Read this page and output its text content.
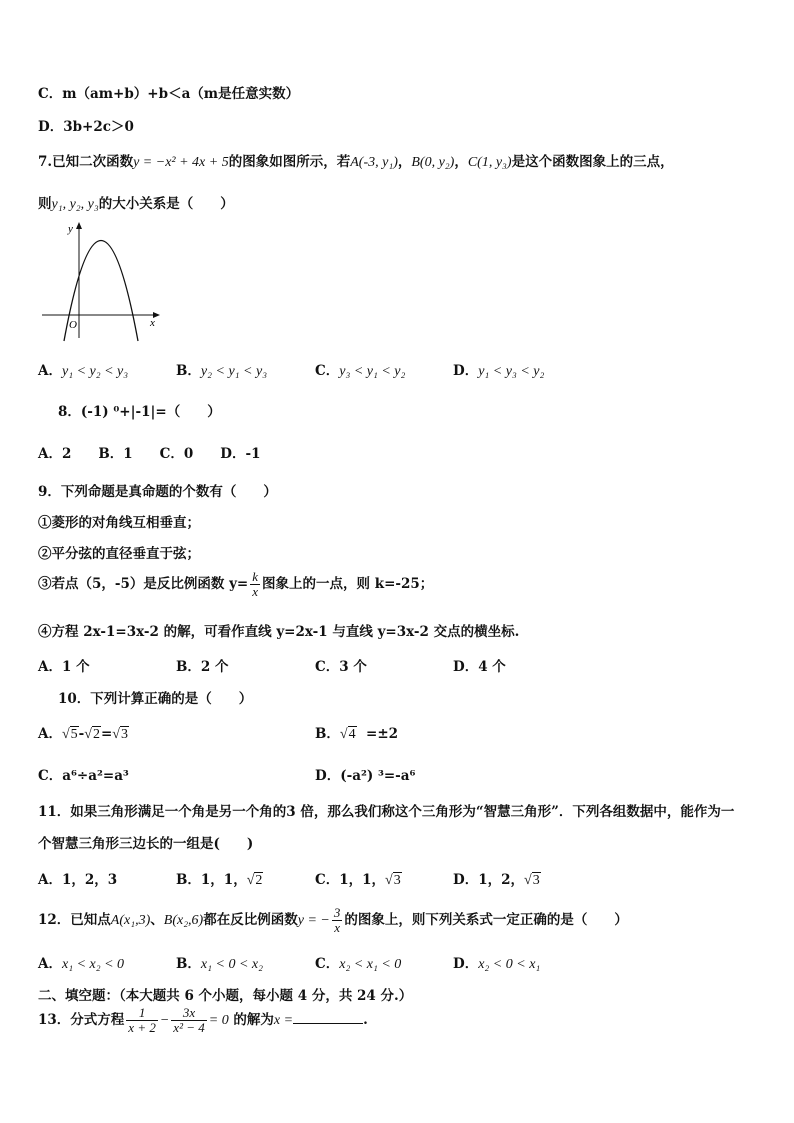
C．m（am+b）+b＜a（m是任意实数）
D．3b+2c＞0
7.已知二次函数y = −x² + 4x + 5的图象如图所示，若A(-3, y₁)，B(0, y₂)，C(1, y₃)是这个函数图象上的三点，
则y₁, y₂, y₃的大小关系是（　　）
y
x
O
A．y₁ < y₂ < y₃	B．y₂ < y₁ < y₃	C．y₃ < y₁ < y₂	D．y₁ < y₃ < y₂
8．(-1) ⁰+|-1|=（　　）
A．2　　B．1　　C．0　　D．-1
9．下列命题是真命题的个数有（　　）
①菱形的对角线互相垂直；
②平分弦的直径垂直于弦；
③若点（5，-5）是反比例函数 $y= \frac{k}{x}$ 图象上的一点，则 k=-25；
④方程 2x-1=3x-2 的解，可看作直线 y=2x-1 与直线 y=3x-2 交点的横坐标.
A．1 个	B．2 个	C．3 个	D．4 个
10．下列计算正确的是（　　）
A．√5-√2=√3	B．√4 =±2
C．a⁶÷a²=a³	D．(-a²) ³=-a⁶
11．如果三角形满足一个角是另一个角的3 倍，那么我们称这个三角形为“智慧三角形”．下列各组数据中，能作为一
个智慧三角形三边长的一组是(　　)
A．1，2，3	B．1，1，√2	C．1，1，√3	D．1，2，√3
12．已知点A(x₁,3)、B(x₂,6)都在反比例函数y = − $\frac{3}{x}$ 的图象上，则下列关系式一定正确的是（　　）
A．x₁ < x₂ < 0	B．x₁ < 0 < x₂	C．x₂ < x₁ < 0	D．x₂ < 0 < x₁
二、填空题：（本大题共 6 个小题，每小题 4 分，共 24 分.）
13．分式方程 $\frac{1}{x + 2} - \frac{3x}{\text{x² − 4}} = 0$ 的解为x =	.
